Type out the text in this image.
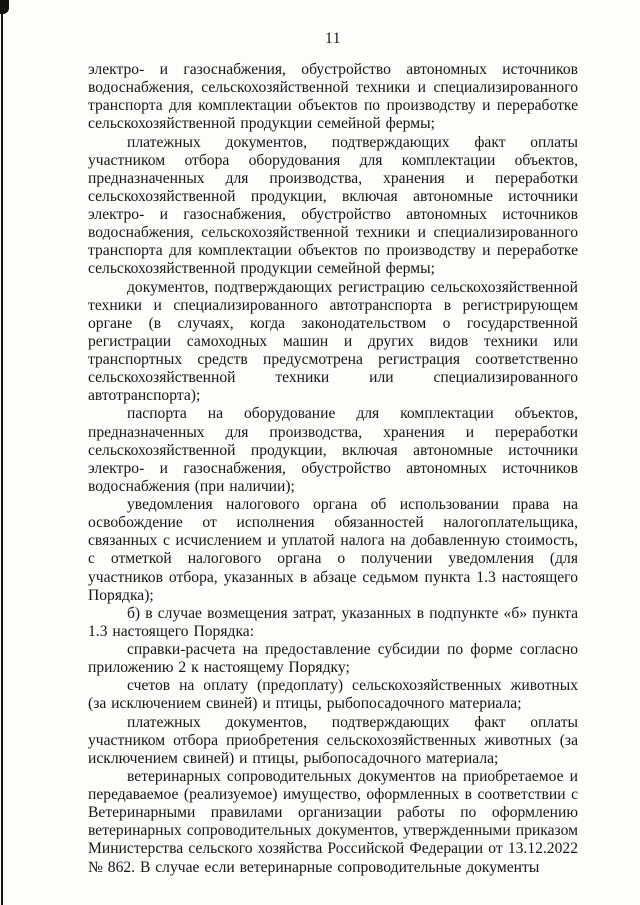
11

электро- и газоснабжения, обустройство автономных источников водоснабжения, сельскохозяйственной техники и специализированного транспорта для комплектации объектов по производству и переработке сельскохозяйственной продукции семейной фермы;

платежных документов, подтверждающих факт оплаты участником отбора оборудования для комплектации объектов, предназначенных для производства, хранения и переработки сельскохозяйственной продукции, включая автономные источники электро- и газоснабжения, обустройство автономных источников водоснабжения, сельскохозяйственной техники и специализированного транспорта для комплектации объектов по производству и переработке сельскохозяйственной продукции семейной фермы;

документов, подтверждающих регистрацию сельскохозяйственной техники и специализированного автотранспорта в регистрирующем органе (в случаях, когда законодательством о государственной регистрации самоходных машин и других видов техники или транспортных средств предусмотрена регистрация соответственно сельскохозяйственной техники или специализированного автотранспорта);

паспорта на оборудование для комплектации объектов, предназначенных для производства, хранения и переработки сельскохозяйственной продукции, включая автономные источники электро- и газоснабжения, обустройство автономных источников водоснабжения (при наличии);

уведомления налогового органа об использовании права на освобождение от исполнения обязанностей налогоплательщика, связанных с исчислением и уплатой налога на добавленную стоимость, с отметкой налогового органа о получении уведомления (для участников отбора, указанных в абзаце седьмом пункта 1.3 настоящего Порядка);

б) в случае возмещения затрат, указанных в подпункте «б» пункта 1.3 настоящего Порядка:

справки-расчета на предоставление субсидии по форме согласно приложению 2 к настоящему Порядку;

счетов на оплату (предоплату) сельскохозяйственных животных (за исключением свиней) и птицы, рыбопосадочного материала;

платежных документов, подтверждающих факт оплаты участником отбора приобретения сельскохозяйственных животных (за исключением свиней) и птицы, рыбопосадочного материала;

ветеринарных сопроводительных документов на приобретаемое и передаваемое (реализуемое) имущество, оформленных в соответствии с Ветеринарными правилами организации работы по оформлению ветеринарных сопроводительных документов, утвержденными приказом Министерства сельского хозяйства Российской Федерации от 13.12.2022 № 862. В случае если ветеринарные сопроводительные документы
